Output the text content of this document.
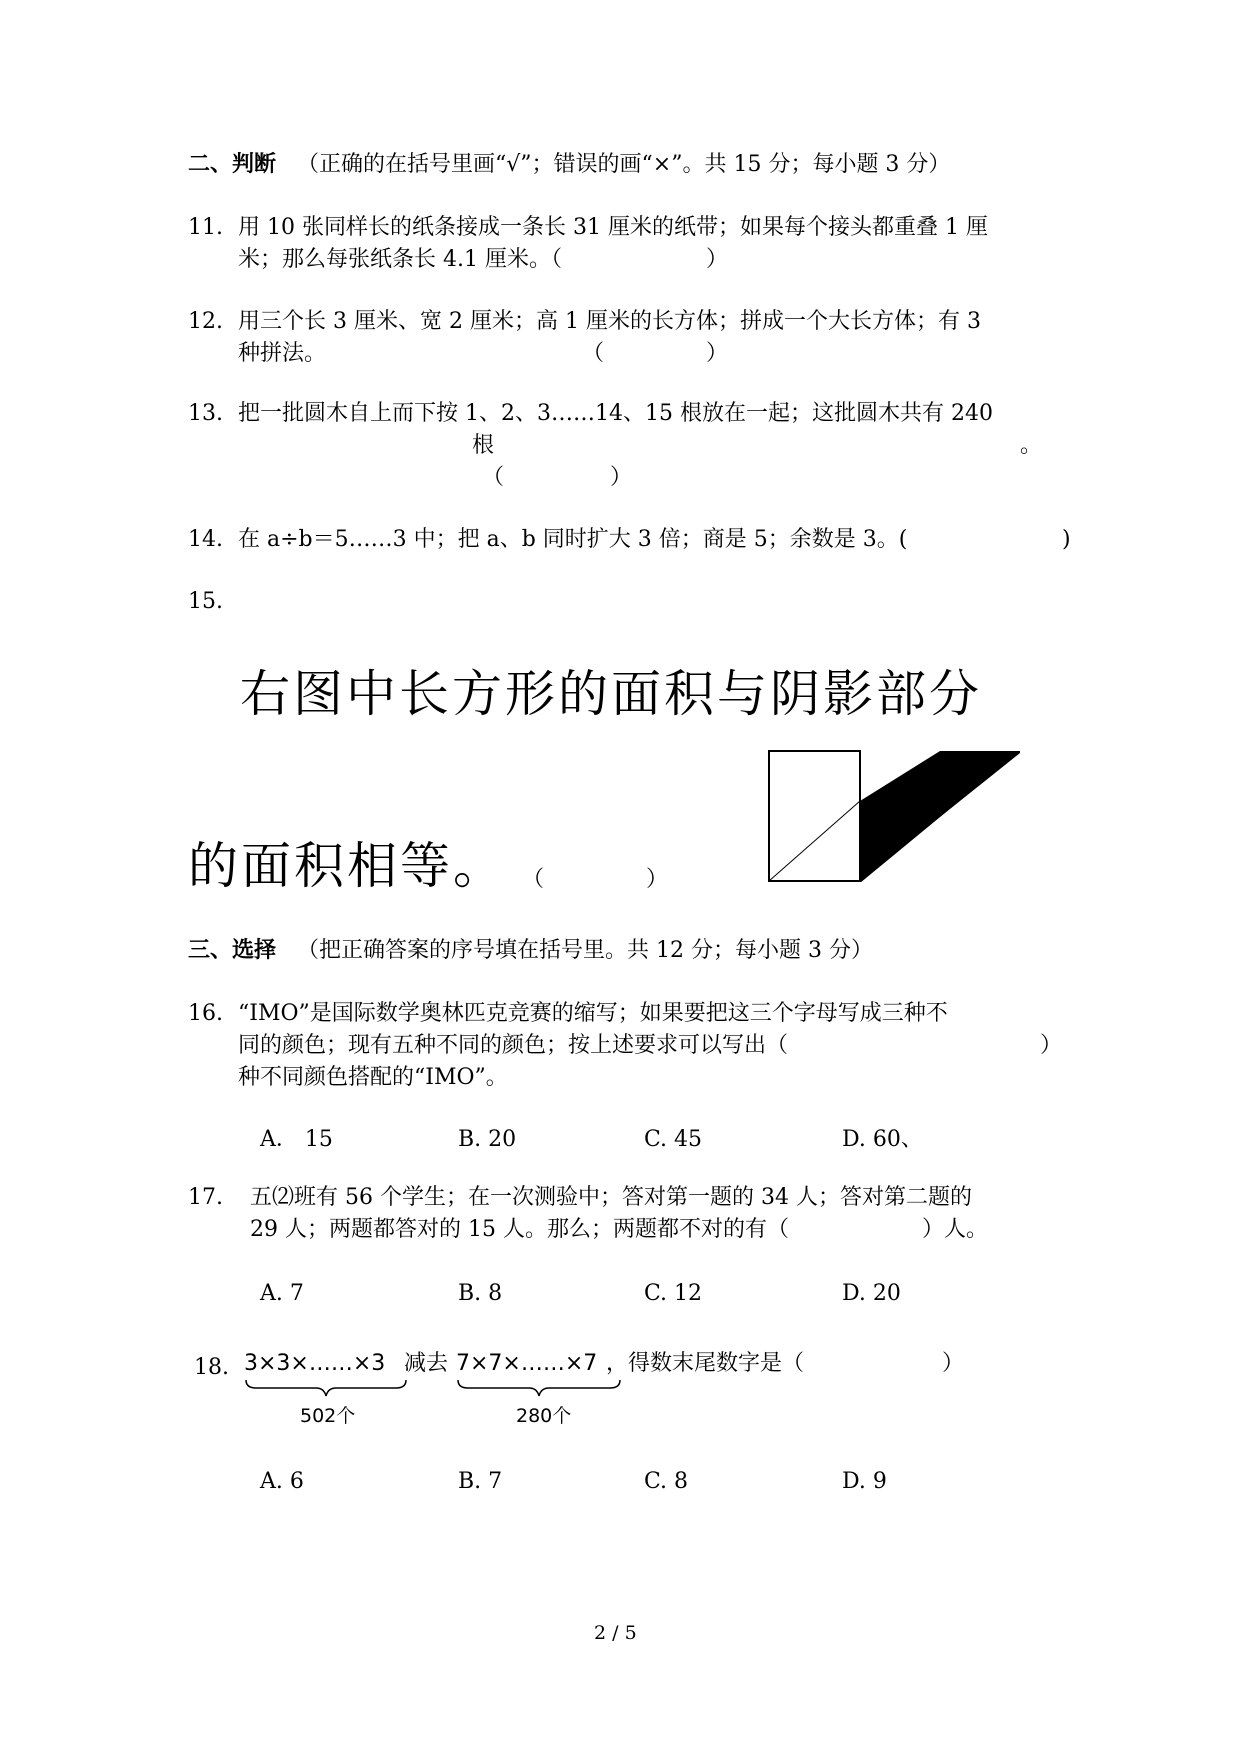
二、判断 （正确的在括号里画“√”；错误的画“×”。共 15 分；每小题 3 分）
11. 用 10 张同样长的纸条接成一条长 31 厘米的纸带；如果每个接头都重叠 1 厘
米；那么每张纸条长 4.1 厘米。（	）
12. 用三个长 3 厘米、宽 2 厘米；高 1 厘米的长方体；拼成一个大长方体；有 3
种拼法。	（	）
13. 把一批圆木自上而下按 1、2、3……14、15 根放在一起；这批圆木共有 240
根	。
（	）
14. 在 a÷b＝5……3 中；把 a、b 同时扩大 3 倍；商是 5；余数是 3。(	)
15.
右图中长方形的面积与阴影部分
的面积相等。 （	）
三、选择 （把正确答案的序号填在括号里。共 12 分；每小题 3 分）
16. “IMO”是国际数学奥林匹克竞赛的缩写；如果要把这三个字母写成三种不
同的颜色；现有五种不同的颜色；按上述要求可以写出（	）
种不同颜色搭配的“IMO”。
A． 15	B. 20	C. 45	D. 60、
17. 五⑵班有 56 个学生；在一次测验中；答对第一题的 34 人；答对第二题的
29 人；两题都答对的 15 人。那么；两题都不对的有（	）人。
A. 7	B. 8	C. 12	D. 20
18. 3×3×……×3 减去 7×7×……×7 ，得数末尾数字是（	）
502个	280个
A. 6	B. 7	C. 8	D. 9
2 / 5
